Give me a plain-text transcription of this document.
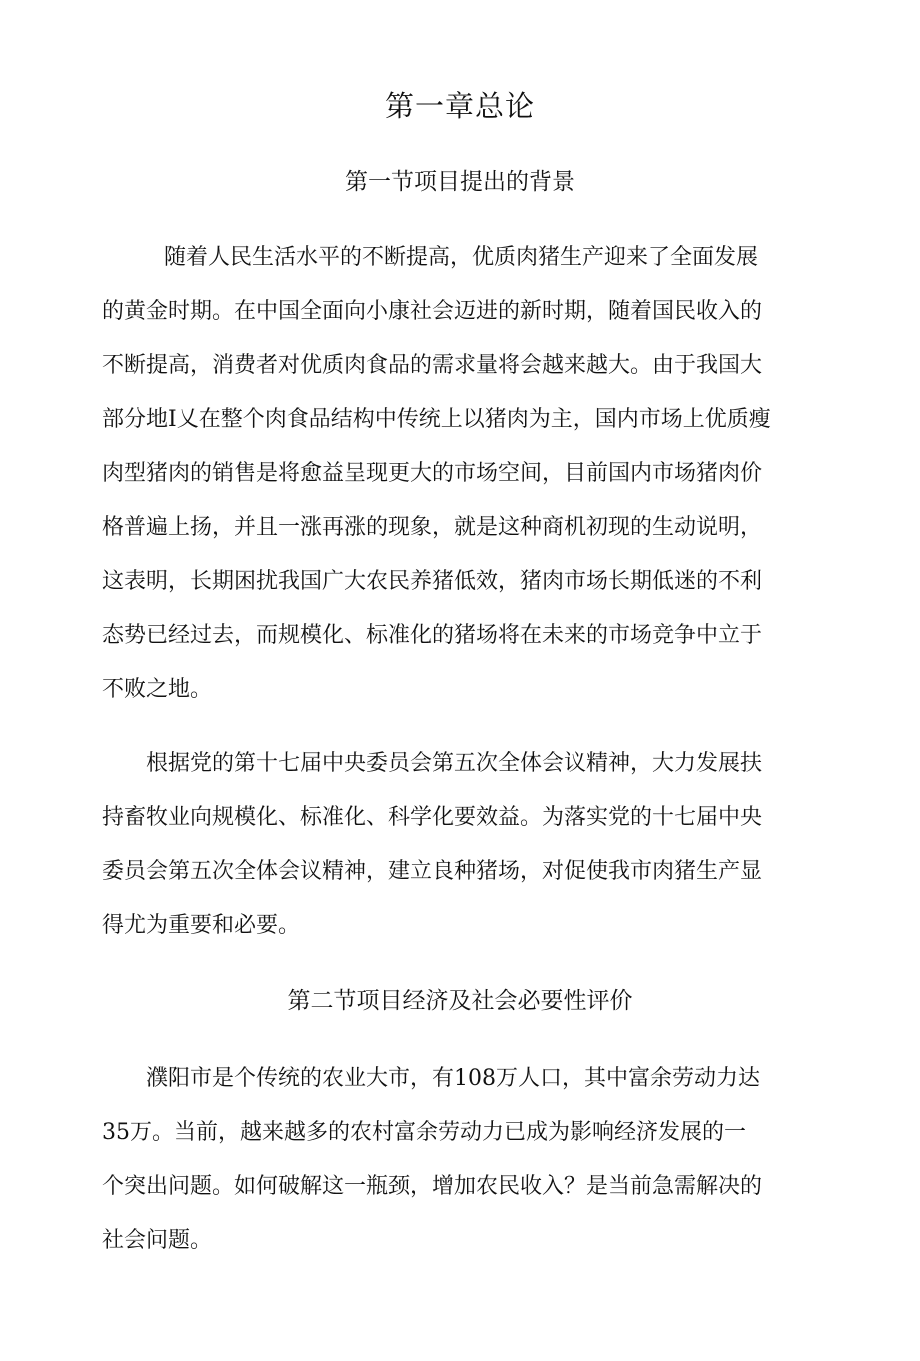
第一章总论
第一节项目提出的背景
随着人民生活水平的不断提高，优质肉猪生产迎来了全面发展
的黄金时期。在中国全面向小康社会迈进的新时期，随着国民收入的
不断提高，消费者对优质肉食品的需求量将会越来越大。由于我国大
部分地I乂在整个肉食品结构中传统上以猪肉为主，国内市场上优质瘦
肉型猪肉的销售是将愈益呈现更大的市场空间，目前国内市场猪肉价
格普遍上扬，并且一涨再涨的现象，就是这种商机初现的生动说明，
这表明，长期困扰我国广大农民养猪低效，猪肉市场长期低迷的不利
态势已经过去，而规模化、标准化的猪场将在未来的市场竞争中立于
不败之地。
根据党的第十七届中央委员会第五次全体会议精神，大力发展扶
持畜牧业向规模化、标准化、科学化要效益。为落实党的十七届中央
委员会第五次全体会议精神，建立良种猪场，对促使我市肉猪生产显
得尤为重要和必要。
第二节项目经济及社会必要性评价
濮阳市是个传统的农业大市，有108万人口，其中富余劳动力达
35万。当前，越来越多的农村富余劳动力已成为影响经济发展的一
个突出问题。如何破解这一瓶颈，增加农民收入？是当前急需解决的
社会问题。
